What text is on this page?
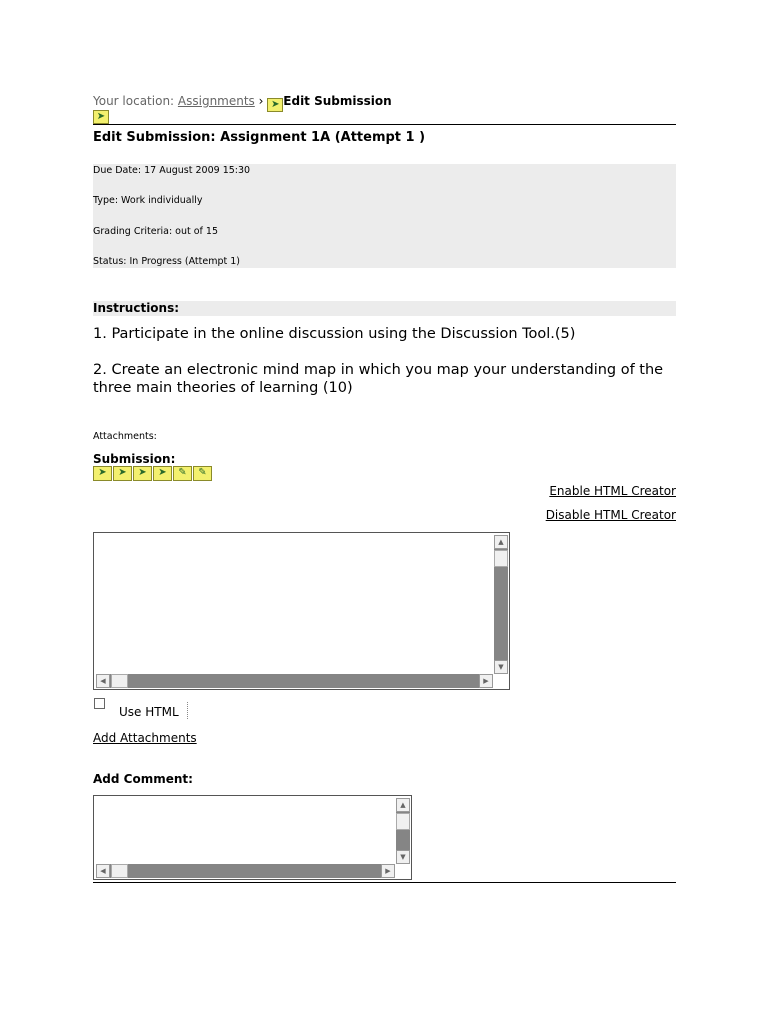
Your location: Assignments › ➤ Edit Submission
➤
Edit Submission: Assignment 1A (Attempt 1 )
Due Date: 17 August 2009 15:30
Type: Work individually
Grading Criteria: out of 15
Status: In Progress (Attempt 1)
Instructions:
1. Participate in the online discussion using the Discussion Tool.(5)
2. Create an electronic mind map in which you map your understanding of the three main theories of learning (10)
Attachments:
Submission:
➤	➤	➤	➤	✎	✎
Enable HTML Creator
Disable HTML Creator
▲
▼
◀	▶
Use HTML
Add Attachments
Add Comment:
▲
▼
◀	▶
